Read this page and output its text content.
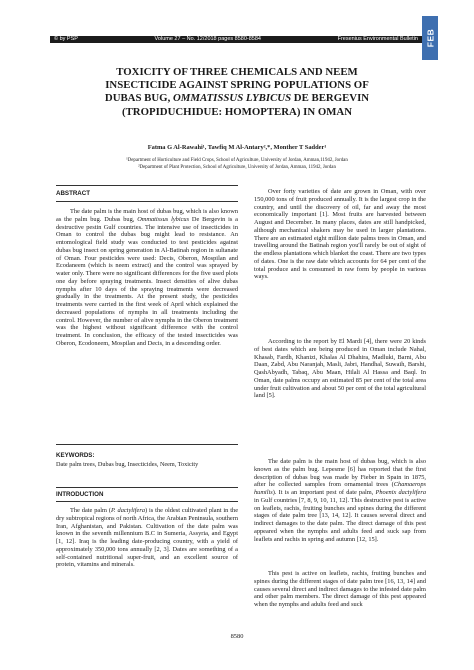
© by PSP	Volume 27 – No. 12/2018 pages 8580-8584	Fresenius Environmental Bulletin FEB
TOXICITY OF THREE CHEMICALS AND NEEM
INSECTICIDE AGAINST SPRING POPULATIONS OF
DUBAS BUG, OMMATISSUS LYBICUS DE BERGEVIN
(TROPIDUCHIDUE: HOMOPTERA) IN OMAN
Fatma G Al-Rawahi¹, Tawfiq M Al-Antary²,*, Monther T Sadder¹
¹Department of Horticulture and Field Crops, School of Agriculture, University of Jordan, Amman,11942, Jordan
²Department of Plant Protection, School of Agriculture, University of Jordan, Amman, 11942, Jordan
ABSTRACT
The date palm is the main host of dubas bug, which is also known as the palm bug. Dubas bug, Ommatissus lybicus De Bergevin is a destructive pestin Gulf countries. The intensive use of insecticides in Oman to control the dubas bug might lead to resistance. An entomological field study was conducted to test pesticides against dubas bug insect on spring generation in Al-Batinah region in sultanate of Oman. Four pesticides were used: Decis, Oberon, Mospilan and Ecodaneem (which is neem extract) and the control was sprayed by water only. There were no significant differences for the five used plots one day before spraying treatments. Insect densities of alive dubas nymphs after 10 days of the spraying treatments were decreased gradually in the treatments. At the present study, the pesticides treatments were carried in the first week of April which explained the decreased populations of nymphs in all treatments including the control. However, the number of alive nymphs in the Oberon treatment was the highest without significant difference with the control treatment. In conclusion, the efficacy of the tested insecticides was Oberon, Ecodoneem, Mospilan and Decis, in a descending order.
KEYWORDS:
Date palm trees, Dubas bug, Insecticides, Neem, Toxicity
INTRODUCTION
The date palm (P. dactylifera) is the oldest cultivated plant in the dry subtropical regions of north Africa, the Arabian Peninsula, southern Iran, Afghanistan, and Pakistan. Cultivation of the date palm was known in the seventh millennium B.C in Sumeria, Assyria, and Egypt [1, 12]. Iraq is the leading date-producing country, with a yield of approximately 350,000 tons annually [2, 3]. Dates are something of a self-contained nutritional super-fruit, and an excellent source of protein, vitamins and minerals.
Over forty varieties of date are grown in Oman, with over 150,000 tons of fruit produced annually. It is the largest crop in the country, and until the discovery of oil, far and away the most economically important [1]. Most fruits are harvested between August and December. In many places, dates are still handpicked, although mechanical shakers may be used in larger plantations. There are an estimated eight million date palms trees in Oman, and travelling around the Batinah region you'll rarely be out of sight of the endless plantations which blanket the coast. There are two types of dates. One is the raw date which accounts for 64 per cent of the total produce and is consumed in raw form by people in various ways.
According to the report by El Mardi [4], there were 20 kinds of best dates which are being produced in Oman include Nahal, Khasab, Fardh, Khanizi, Khalas Al Dhahira, Madluki, Barni, Abu Daan, Zabd, Abu Naranjah, Masli, Jabri, Handhal, Suwaih, Barshi, QashAbyadh, Tabaq, Abu Maan, Hilali Al Hassa and Baql. In Oman, date palms occupy an estimated 85 per cent of the total area under fruit cultivation and about 50 per cent of the total agricultural land [5].
The date palm is the main host of dubas bug, which is also known as the palm bug. Lepesme [6] has reported that the first description of dubas bug was made by Fieber in Spain in 1875, after he collected samples from ornamental trees (Chamaerops humilis). It is an important pest of date palm, Phoenix dactylifera in Gulf countries [7, 8, 9, 10, 11, 12]. This destructive pest is active on leaflets, rachis, fruiting bunches and spines during the different stages of date palm tree [13, 14, 12]. It causes several direct and indirect damages to the date palm. The direct damage of this pest appeared when the nymphs and adults feed and suck sap from leaflets and rachis in spring and autumn [12, 15].
This pest is active on leaflets, rachis, fruiting bunches and spines during the different stages of date palm tree [16, 13, 14] and causes several direct and indirect damages to the infested date palm and other palm members. The direct damage of this pest appeared when the nymphs and adults feed and suck
8580
